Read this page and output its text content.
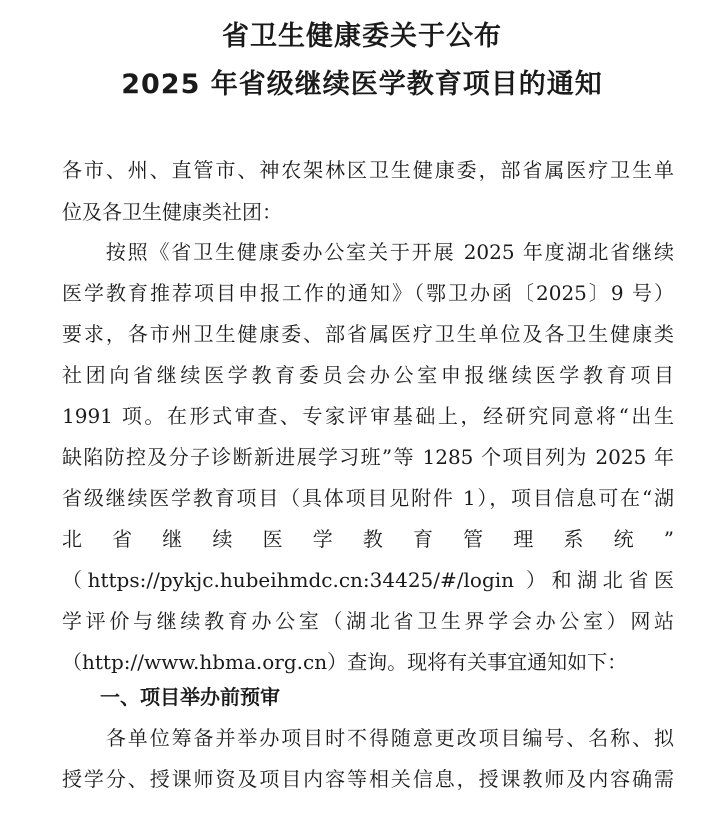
省卫生健康委关于公布
2025 年省级继续医学教育项目的通知
各市、州、直管市、神农架林区卫生健康委，部省属医疗卫生单
位及各卫生健康类社团：
　　按照《省卫生健康委办公室关于开展 2025 年度湖北省继续
医学教育推荐项目申报工作的通知》（鄂卫办函〔2025〕9 号）
要求，各市州卫生健康委、部省属医疗卫生单位及各卫生健康类
社团向省继续医学教育委员会办公室申报继续医学教育项目
1991 项。在形式审查、专家评审基础上，经研究同意将“出生
缺陷防控及分子诊断新进展学习班”等 1285 个项目列为 2025 年
省级继续医学教育项目（具体项目见附件 1），项目信息可在“湖
北省继续医学教育管理系统”
（https://pykjc.hubeihmdc.cn:34425/#/login ）和湖北省医
学评价与继续教育办公室（湖北省卫生界学会办公室）网站
（http://www.hbma.org.cn）查询。现将有关事宜通知如下：
一、项目举办前预审
　　各单位筹备并举办项目时不得随意更改项目编号、名称、拟
授学分、授课师资及项目内容等相关信息，授课教师及内容确需
